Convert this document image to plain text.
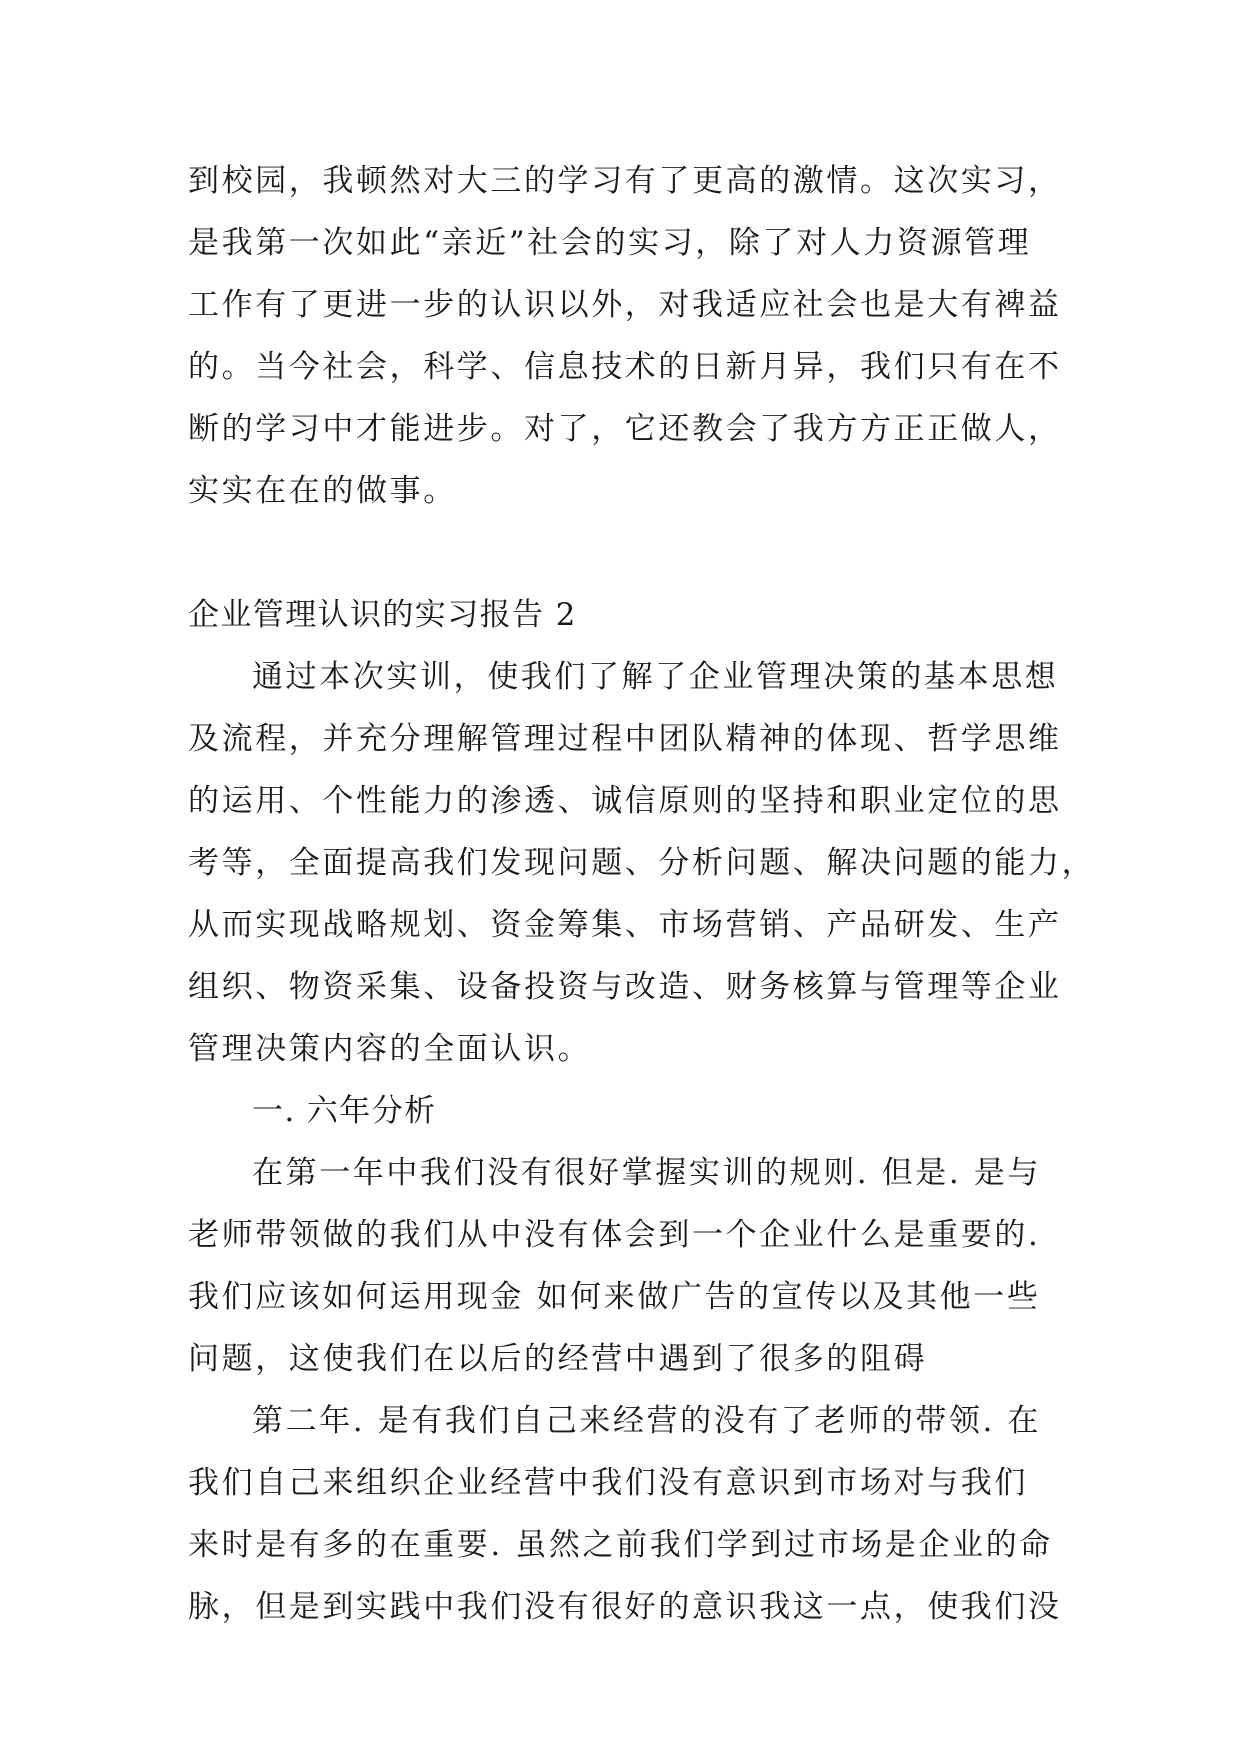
到校园，我顿然对大三的学习有了更高的激情。这次实习，
是我第一次如此“亲近”社会的实习，除了对人力资源管理
工作有了更进一步的认识以外，对我适应社会也是大有裨益
的。当今社会，科学、信息技术的日新月异，我们只有在不
断的学习中才能进步。对了，它还教会了我方方正正做人，
实实在在的做事。
企业管理认识的实习报告 2
通过本次实训，使我们了解了企业管理决策的基本思想
及流程，并充分理解管理过程中团队精神的体现、哲学思维
的运用、个性能力的渗透、诚信原则的坚持和职业定位的思
考等，全面提高我们发现问题、分析问题、解决问题的能力，
从而实现战略规划、资金筹集、市场营销、产品研发、生产
组织、物资采集、设备投资与改造、财务核算与管理等企业
管理决策内容的全面认识。
一. 六年分析
在第一年中我们没有很好掌握实训的规则. 但是. 是与
老师带领做的我们从中没有体会到一个企业什么是重要的.
我们应该如何运用现金 如何来做广告的宣传以及其他一些
问题，这使我们在以后的经营中遇到了很多的阻碍
第二年. 是有我们自己来经营的没有了老师的带领. 在
我们自己来组织企业经营中我们没有意识到市场对与我们
来时是有多的在重要. 虽然之前我们学到过市场是企业的命
脉，但是到实践中我们没有很好的意识我这一点，使我们没
